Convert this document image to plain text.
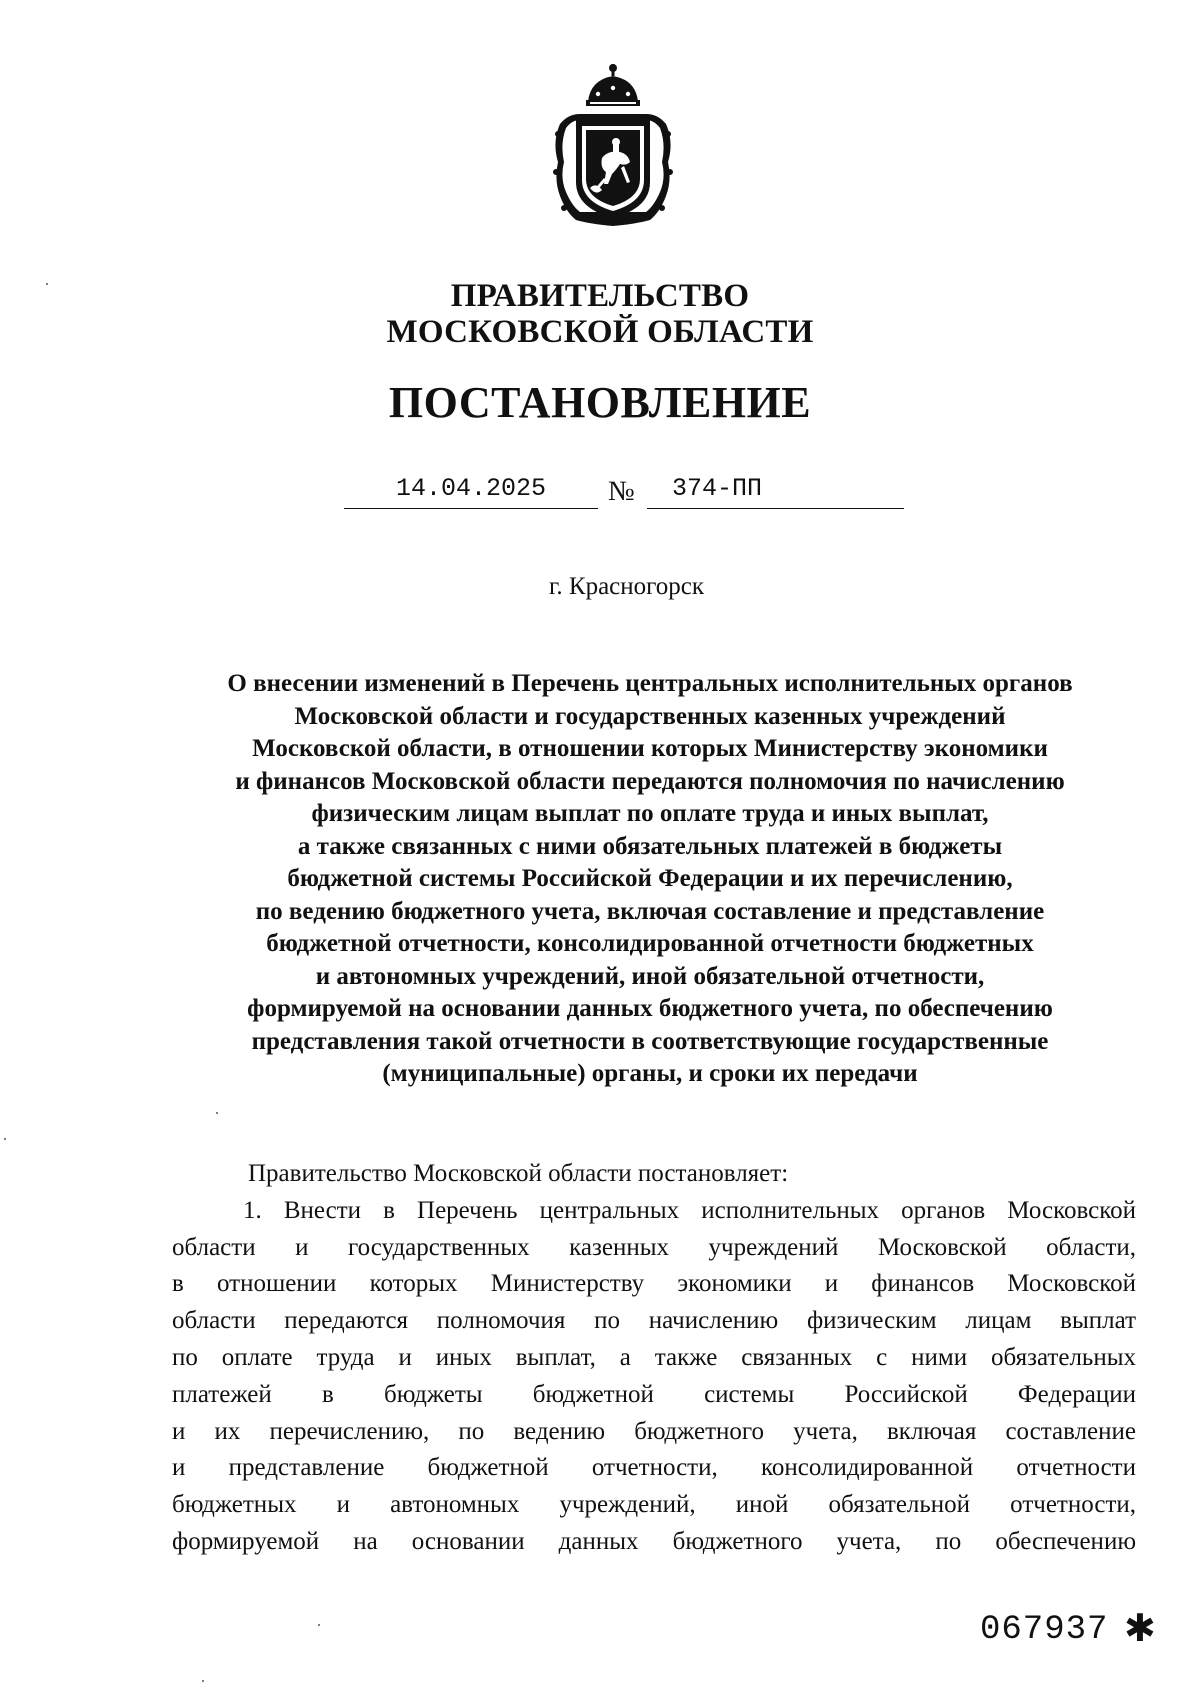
ПРАВИТЕЛЬСТВО
МОСКОВСКОЙ ОБЛАСТИ
ПОСТАНОВЛЕНИЕ
14.04.2025	№	374-ПП
г. Красногорск
О внесении изменений в Перечень центральных исполнительных органов
Московской области и государственных казенных учреждений
Московской области, в отношении которых Министерству экономики
и финансов Московской области передаются полномочия по начислению
физическим лицам выплат по оплате труда и иных выплат,
а также связанных с ними обязательных платежей в бюджеты
бюджетной системы Российской Федерации и их перечислению,
по ведению бюджетного учета, включая составление и представление
бюджетной отчетности, консолидированной отчетности бюджетных
и автономных учреждений, иной обязательной отчетности,
формируемой на основании данных бюджетного учета, по обеспечению
представления такой отчетности в соответствующие государственные
(муниципальные) органы, и сроки их передачи
Правительство Московской области постановляет:
1. Внести в Перечень центральных исполнительных органов Московской
области и государственных казенных учреждений Московской области,
в отношении которых Министерству экономики и финансов Московской
области передаются полномочия по начислению физическим лицам выплат
по оплате труда и иных выплат, а также связанных с ними обязательных
платежей в бюджеты бюджетной системы Российской Федерации
и их перечислению, по ведению бюджетного учета, включая составление
и представление бюджетной отчетности, консолидированной отчетности
бюджетных и автономных учреждений, иной обязательной отчетности,
формируемой на основании данных бюджетного учета, по обеспечению
067937 ✱
